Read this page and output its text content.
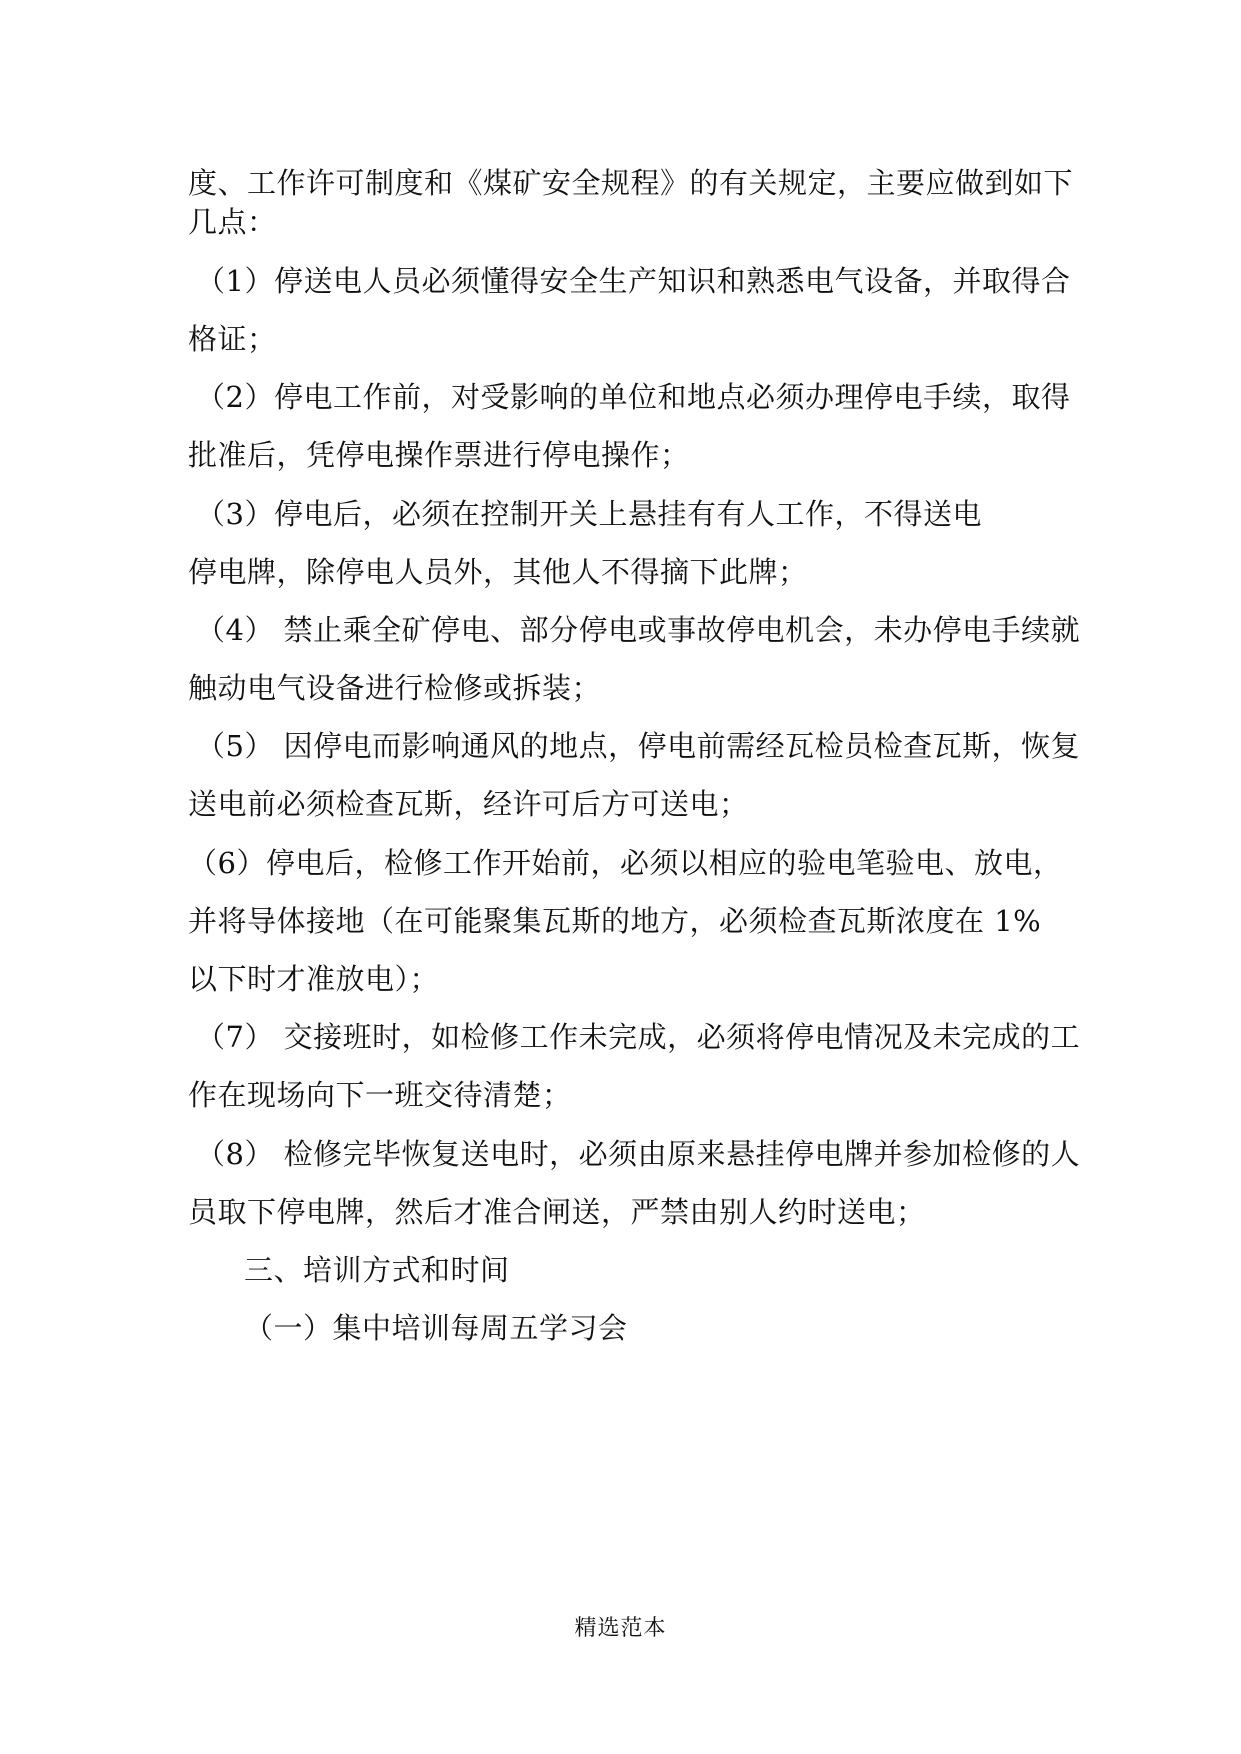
度、工作许可制度和《煤矿安全规程》的有关规定，主要应做到如下
几点：
（1）停送电人员必须懂得安全生产知识和熟悉电气设备，并取得合
格证；
（2）停电工作前，对受影响的单位和地点必须办理停电手续，取得
批准后，凭停电操作票进行停电操作；
（3）停电后，必须在控制开关上悬挂有有人工作，不得送电
停电牌，除停电人员外，其他人不得摘下此牌；
（4） 禁止乘全矿停电、部分停电或事故停电机会，未办停电手续就
触动电气设备进行检修或拆装；
（5） 因停电而影响通风的地点，停电前需经瓦检员检查瓦斯，恢复
送电前必须检查瓦斯，经许可后方可送电；
（6）停电后，检修工作开始前，必须以相应的验电笔验电、放电，
并将导体接地（在可能聚集瓦斯的地方，必须检查瓦斯浓度在 1%
以下时才准放电）；
（7） 交接班时，如检修工作未完成，必须将停电情况及未完成的工
作在现场向下一班交待清楚；
（8） 检修完毕恢复送电时，必须由原来悬挂停电牌并参加检修的人
员取下停电牌，然后才准合闸送，严禁由别人约时送电；
三、培训方式和时间
（一）集中培训每周五学习会
精选范本
